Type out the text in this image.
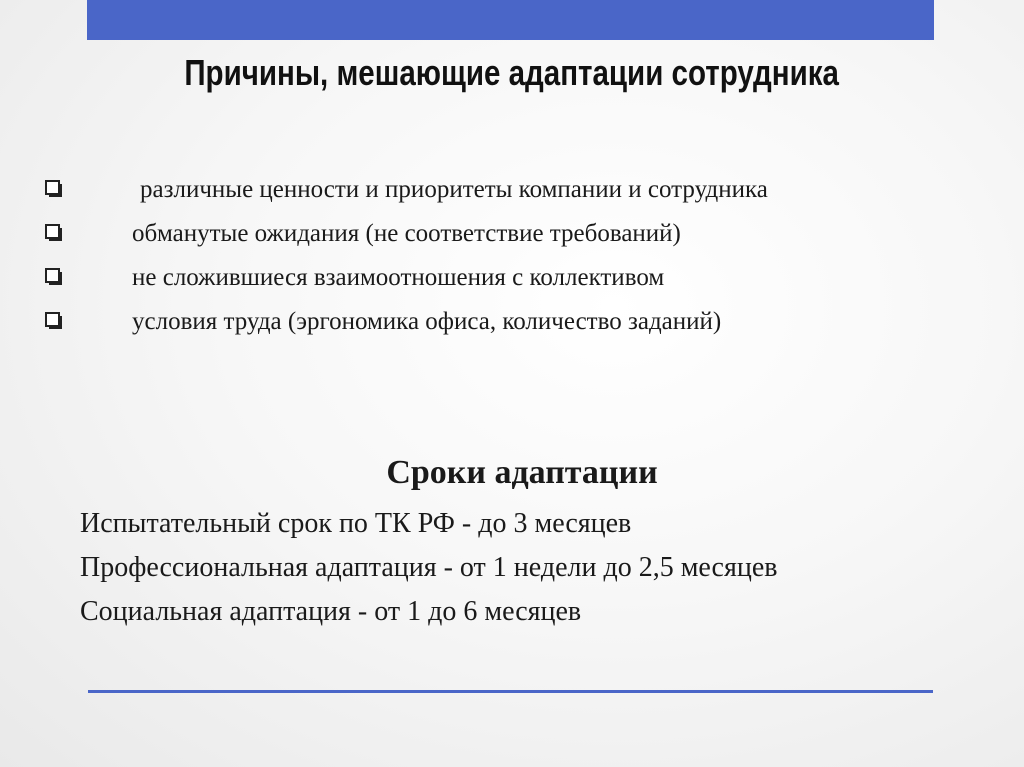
Причины, мешающие адаптации сотрудника
различные ценности и приоритеты компании и сотрудника
обманутые ожидания (не соответствие требований)
не сложившиеся взаимоотношения с коллективом
условия труда (эргономика офиса, количество заданий)
Сроки адаптации
Испытательный срок по ТК РФ - до 3 месяцев
Профессиональная адаптация - от 1 недели до 2,5 месяцев
Социальная адаптация - от 1 до 6 месяцев
